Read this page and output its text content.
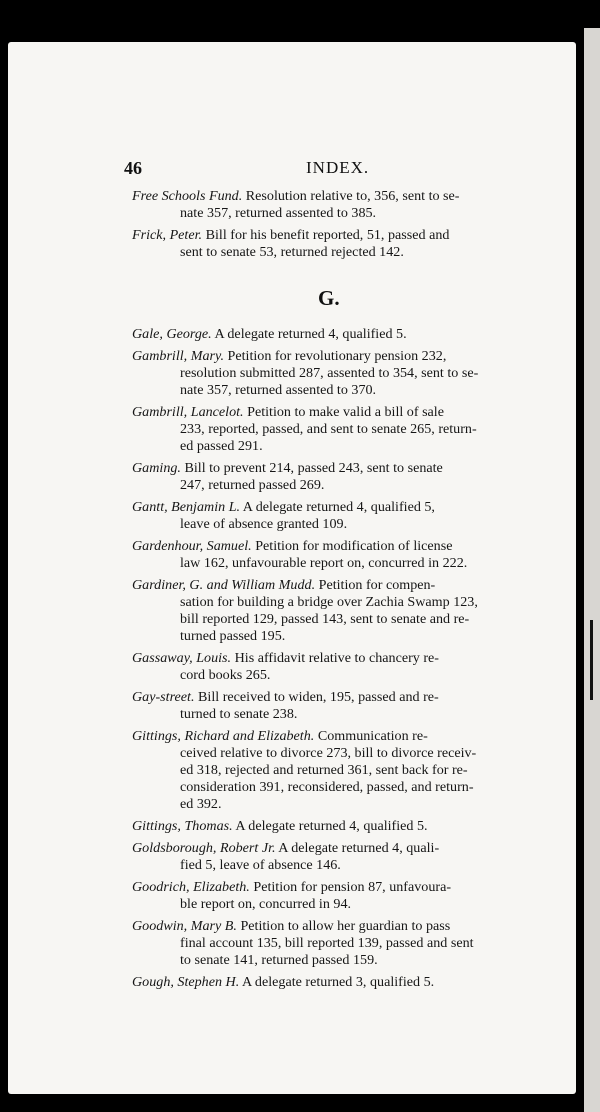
46	INDEX.
Free Schools Fund. Resolution relative to, 356, sent to se-
nate 357, returned assented to 385.
Frick, Peter. Bill for his benefit reported, 51, passed and
sent to senate 53, returned rejected 142.
G.
Gale, George. A delegate returned 4, qualified 5.
Gambrill, Mary. Petition for revolutionary pension 232,
resolution submitted 287, assented to 354, sent to se-
nate 357, returned assented to 370.
Gambrill, Lancelot. Petition to make valid a bill of sale
233, reported, passed, and sent to senate 265, return-
ed passed 291.
Gaming. Bill to prevent 214, passed 243, sent to senate
247, returned passed 269.
Gantt, Benjamin L. A delegate returned 4, qualified 5,
leave of absence granted 109.
Gardenhour, Samuel. Petition for modification of license
law 162, unfavourable report on, concurred in 222.
Gardiner, G. and William Mudd. Petition for compen-
sation for building a bridge over Zachia Swamp 123,
bill reported 129, passed 143, sent to senate and re-
turned passed 195.
Gassaway, Louis. His affidavit relative to chancery re-
cord books 265.
Gay-street. Bill received to widen, 195, passed and re-
turned to senate 238.
Gittings, Richard and Elizabeth. Communication re-
ceived relative to divorce 273, bill to divorce receiv-
ed 318, rejected and returned 361, sent back for re-
consideration 391, reconsidered, passed, and return-
ed 392.
Gittings, Thomas. A delegate returned 4, qualified 5.
Goldsborough, Robert Jr. A delegate returned 4, quali-
fied 5, leave of absence 146.
Goodrich, Elizabeth. Petition for pension 87, unfavoura-
ble report on, concurred in 94.
Goodwin, Mary B. Petition to allow her guardian to pass
final account 135, bill reported 139, passed and sent
to senate 141, returned passed 159.
Gough, Stephen H. A delegate returned 3, qualified 5.
